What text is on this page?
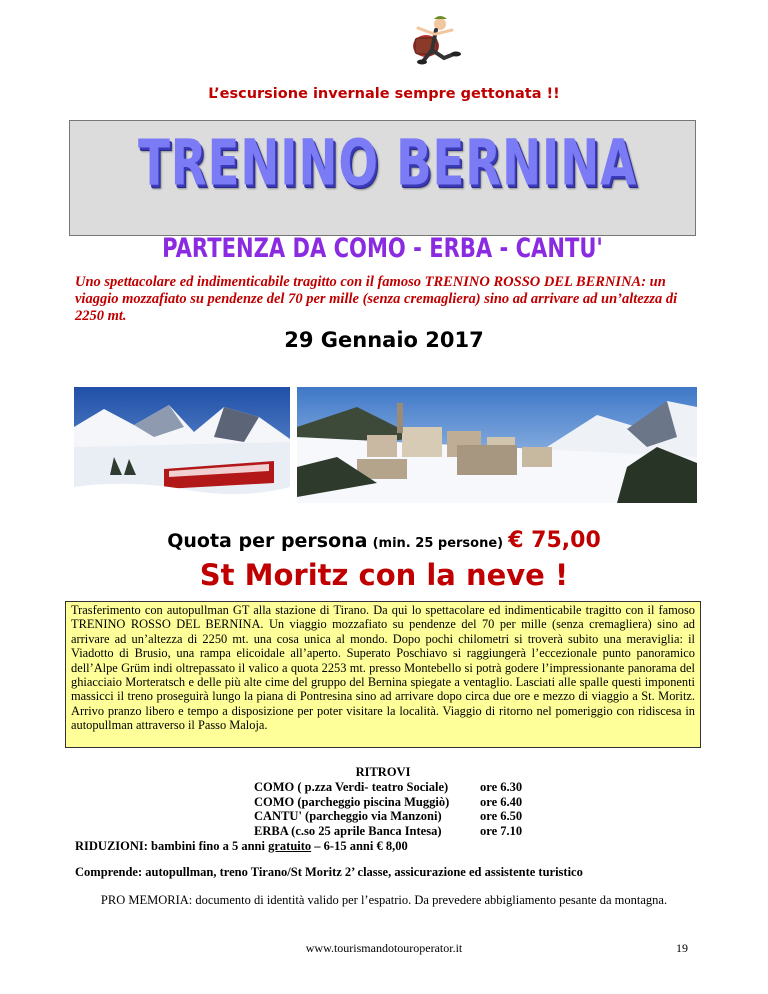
L’escursione invernale sempre gettonata !!
TRENINO BERNINA
PARTENZA DA COMO - ERBA - CANTU'
Uno spettacolare ed indimenticabile tragitto con il famoso TRENINO ROSSO DEL BERNINA: un viaggio mozzafiato su pendenze del 70 per mille (senza cremagliera) sino ad arrivare ad un’altezza di 2250 mt.
29 Gennaio 2017
Quota per persona (min. 25 persone) € 75,00
St Moritz con la neve !
Trasferimento con autopullman GT alla stazione di Tirano. Da qui lo spettacolare ed indimenticabile tragitto con il famoso TRENINO ROSSO DEL BERNINA. Un viaggio mozzafiato su pendenze del 70 per mille (senza cremagliera) sino ad arrivare ad un’altezza di 2250 mt. una cosa unica al mondo. Dopo pochi chilometri si troverà subito una meraviglia: il Viadotto di Brusio, una rampa elicoidale all’aperto. Superato Poschiavo si raggiungerà l’eccezionale punto panoramico dell’Alpe Grüm indi oltrepassato il valico a quota 2253 mt. presso Montebello si potrà godere l’impressionante panorama del ghiacciaio Morteratsch e delle più alte cime del gruppo del Bernina spiegate a ventaglio. Lasciati alle spalle questi imponenti massicci il treno proseguirà lungo la piana di Pontresina sino ad arrivare dopo circa due ore e mezzo di viaggio a St. Moritz. Arrivo pranzo libero e tempo a disposizione per poter visitare la località. Viaggio di ritorno nel pomeriggio con ridiscesa in autopullman attraverso il Passo Maloja.
RITROVI
COMO ( p.zza Verdi- teatro Sociale)	ore 6.30
COMO (parcheggio piscina Muggiò)	ore 6.40
CANTU' (parcheggio via Manzoni)	ore 6.50
ERBA (c.so 25 aprile Banca Intesa)	ore 7.10
RIDUZIONI: bambini fino a 5 anni gratuito – 6-15 anni € 8,00
Comprende: autopullman, treno Tirano/St Moritz 2’ classe, assicurazione ed assistente turistico
PRO MEMORIA: documento di identità valido per l’espatrio. Da prevedere abbigliamento pesante da montagna.
www.tourismandotouroperator.it	19
